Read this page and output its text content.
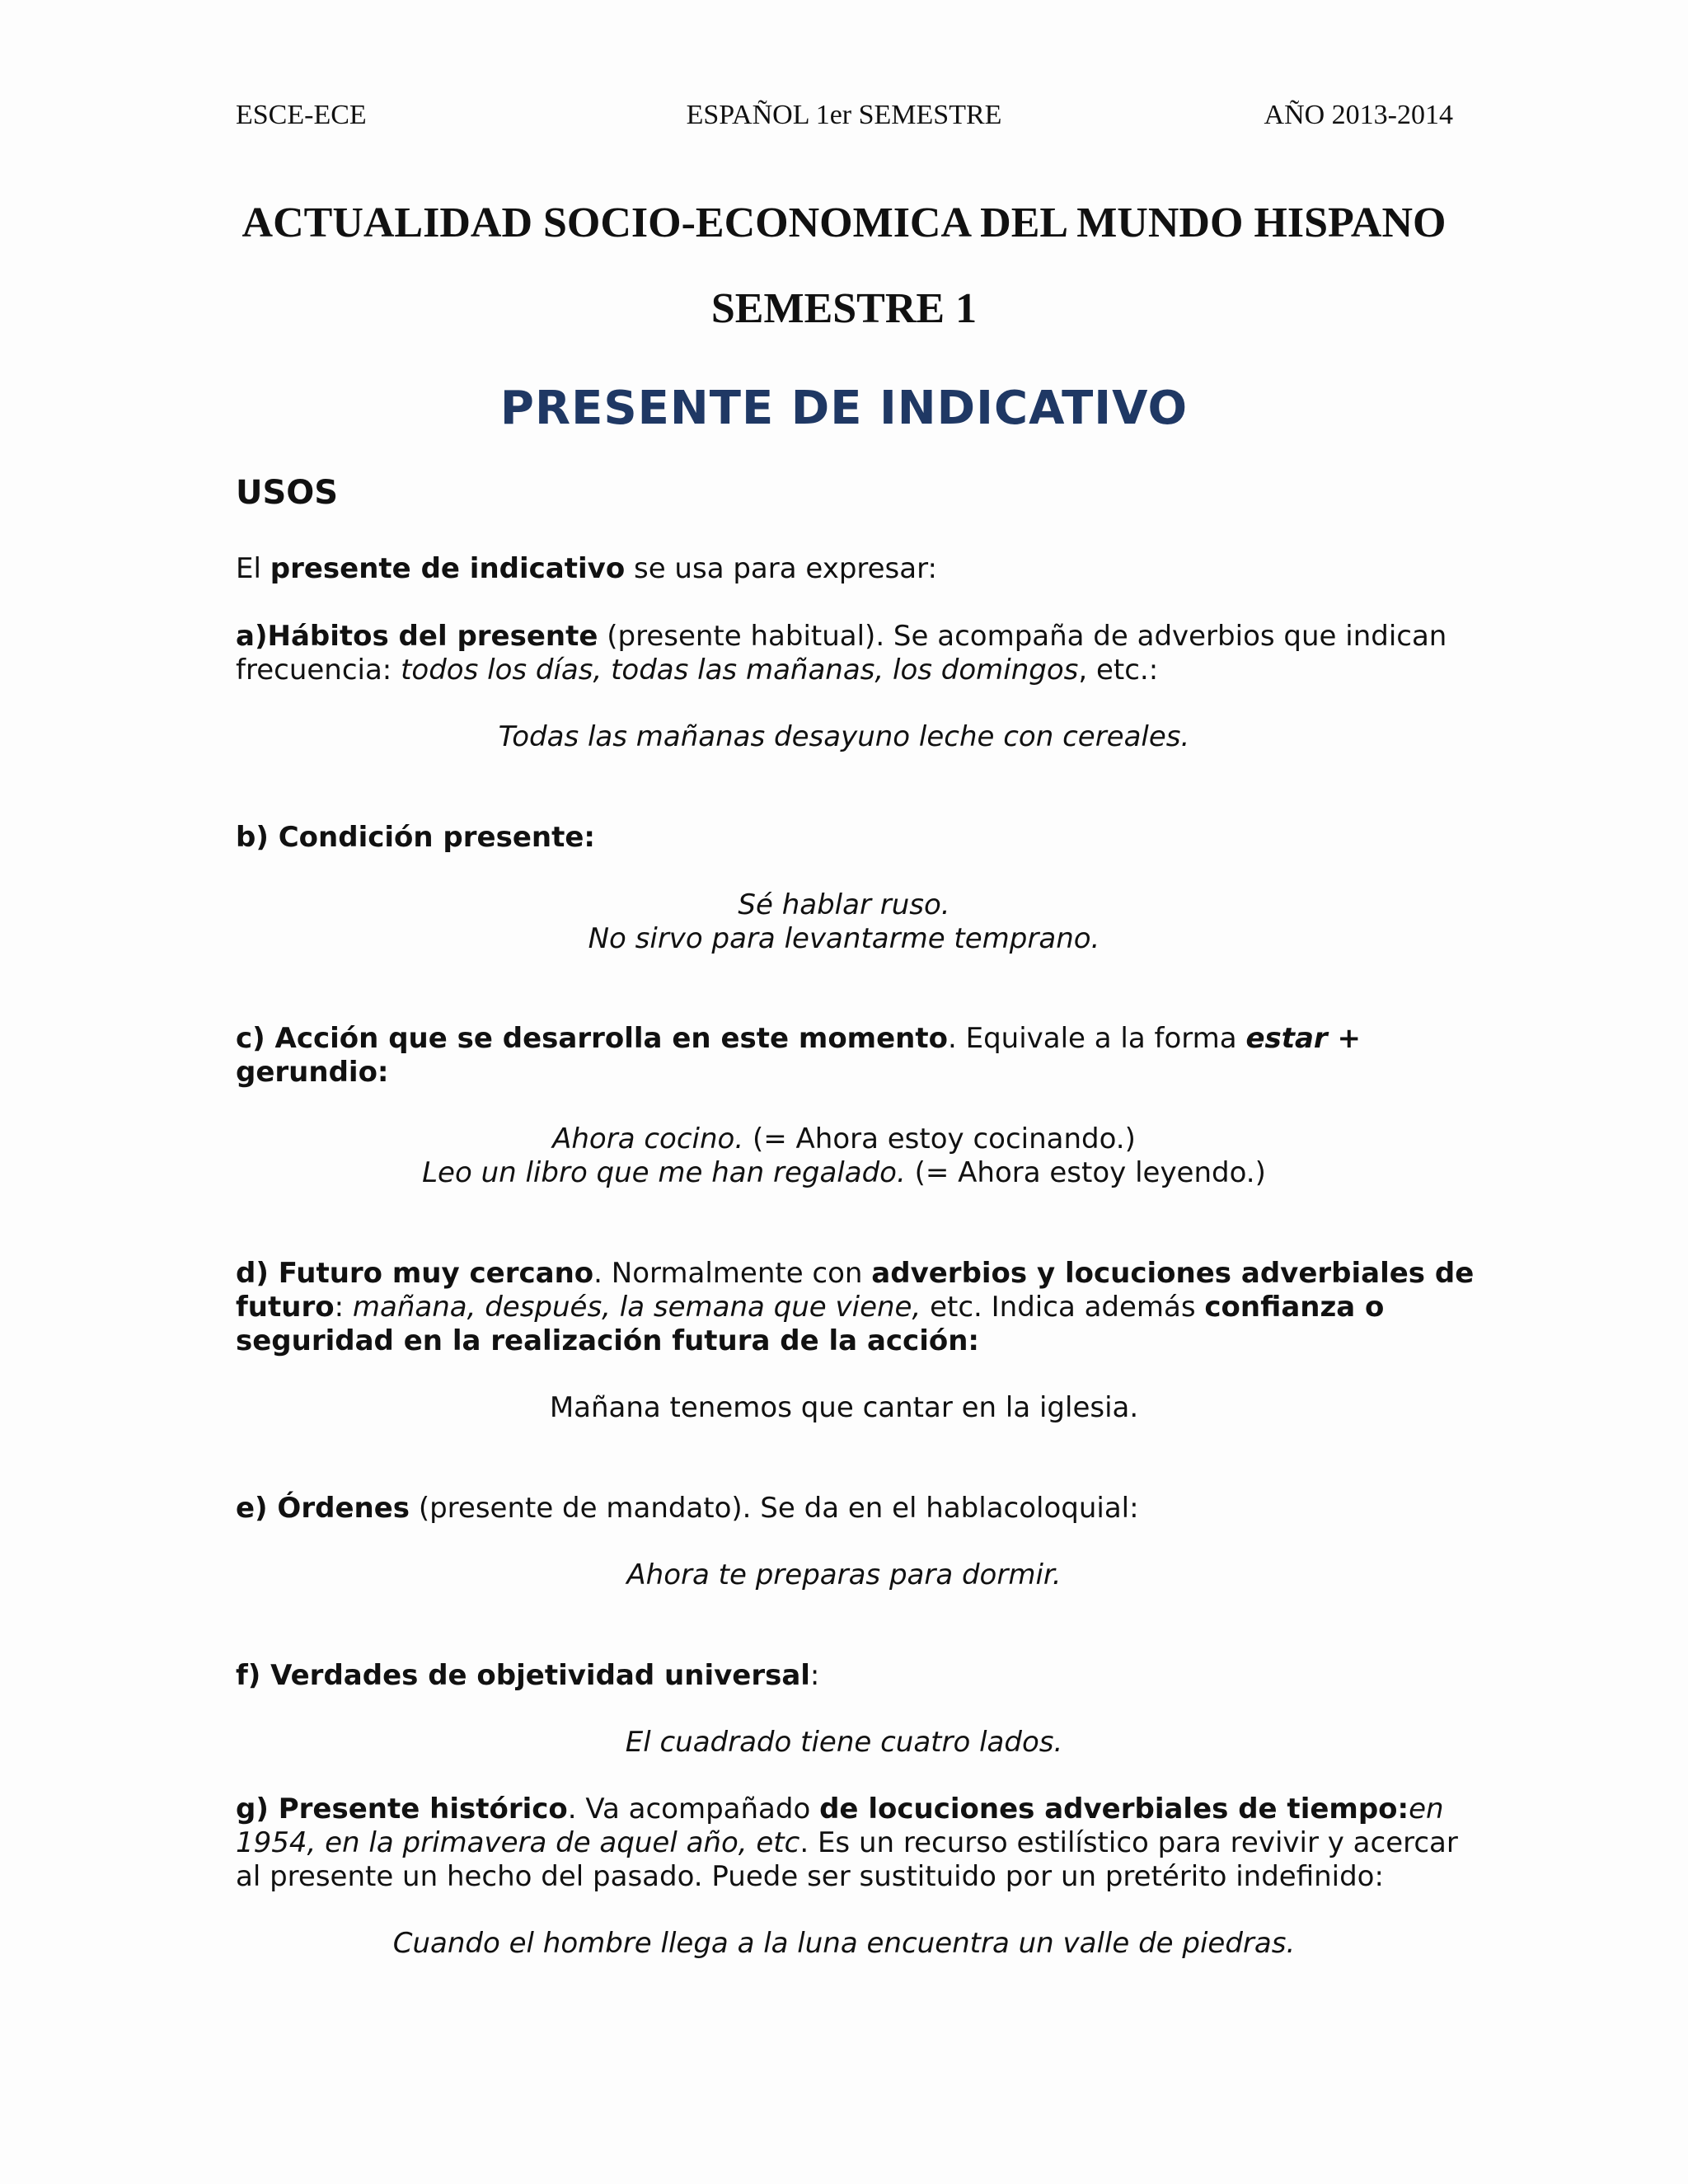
ESCE-ECE	ESPAÑOL 1er SEMESTRE	AÑO 2013-2014
ACTUALIDAD SOCIO-ECONOMICA DEL MUNDO HISPANO
SEMESTRE 1
PRESENTE DE INDICATIVO
USOS
El presente de indicativo se usa para expresar:
a)Hábitos del presente (presente habitual). Se acompaña de adverbios que indican
frecuencia: todos los días, todas las mañanas, los domingos, etc.:
Todas las mañanas desayuno leche con cereales.
b) Condición presente:
Sé hablar ruso.
No sirvo para levantarme temprano.
c) Acción que se desarrolla en este momento. Equivale a la forma estar +
gerundio:
Ahora cocino. (= Ahora estoy cocinando.)
Leo un libro que me han regalado. (= Ahora estoy leyendo.)
d) Futuro muy cercano. Normalmente con adverbios y locuciones adverbiales de
futuro: mañana, después, la semana que viene, etc. Indica además confianza o
seguridad en la realización futura de la acción:
Mañana tenemos que cantar en la iglesia.
e) Órdenes (presente de mandato). Se da en el hablacoloquial:
Ahora te preparas para dormir.
f) Verdades de objetividad universal:
El cuadrado tiene cuatro lados.
g) Presente histórico. Va acompañado de locuciones adverbiales de tiempo:en
1954, en la primavera de aquel año, etc. Es un recurso estilístico para revivir y acercar
al presente un hecho del pasado. Puede ser sustituido por un pretérito indefinido:
Cuando el hombre llega a la luna encuentra un valle de piedras.
